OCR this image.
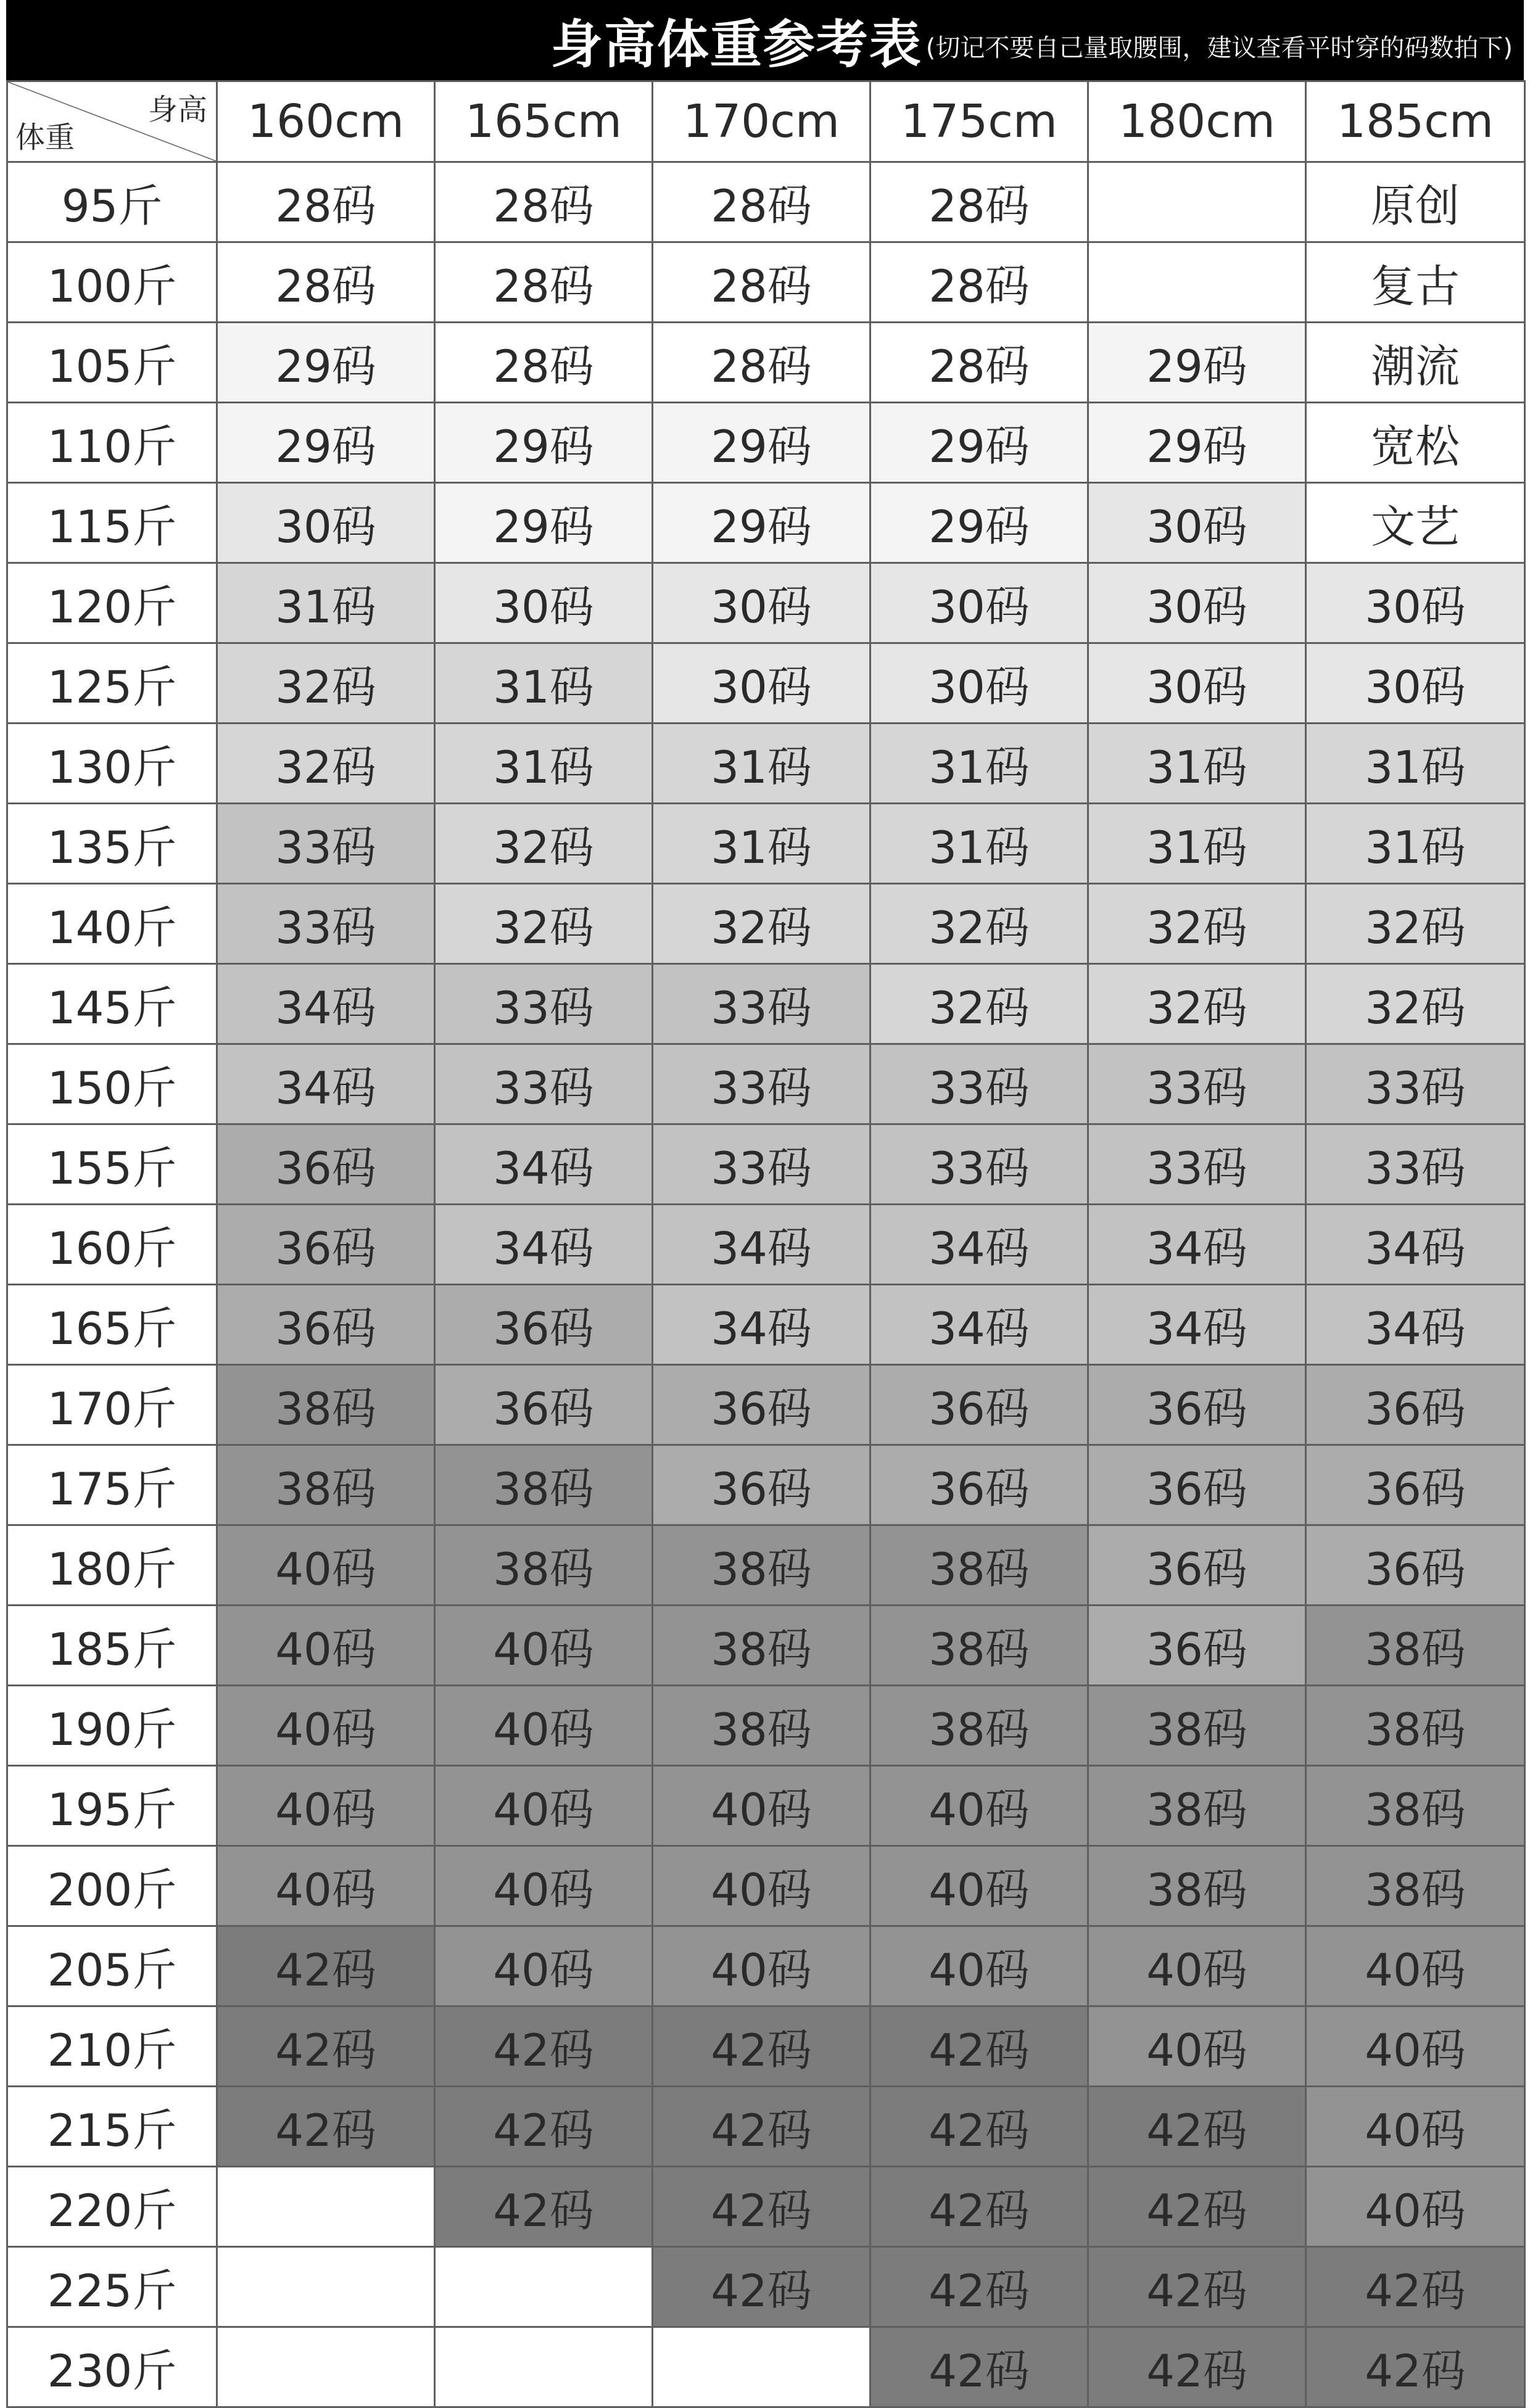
身高体重参考表 (切记不要自己量取腰围，建议查看平时穿的码数拍下)
身高
体重	160cm	165cm	170cm	175cm	180cm	185cm
95斤	28码	28码	28码	28码		原创
100斤	28码	28码	28码	28码		复古
105斤	29码	28码	28码	28码	29码	潮流
110斤	29码	29码	29码	29码	29码	宽松
115斤	30码	29码	29码	29码	30码	文艺
120斤	31码	30码	30码	30码	30码	30码
125斤	32码	31码	30码	30码	30码	30码
130斤	32码	31码	31码	31码	31码	31码
135斤	33码	32码	31码	31码	31码	31码
140斤	33码	32码	32码	32码	32码	32码
145斤	34码	33码	33码	32码	32码	32码
150斤	34码	33码	33码	33码	33码	33码
155斤	36码	34码	33码	33码	33码	33码
160斤	36码	34码	34码	34码	34码	34码
165斤	36码	36码	34码	34码	34码	34码
170斤	38码	36码	36码	36码	36码	36码
175斤	38码	38码	36码	36码	36码	36码
180斤	40码	38码	38码	38码	36码	36码
185斤	40码	40码	38码	38码	36码	38码
190斤	40码	40码	38码	38码	38码	38码
195斤	40码	40码	40码	40码	38码	38码
200斤	40码	40码	40码	40码	38码	38码
205斤	42码	40码	40码	40码	40码	40码
210斤	42码	42码	42码	42码	40码	40码
215斤	42码	42码	42码	42码	42码	40码
220斤		42码	42码	42码	42码	40码
225斤			42码	42码	42码	42码
230斤				42码	42码	42码
